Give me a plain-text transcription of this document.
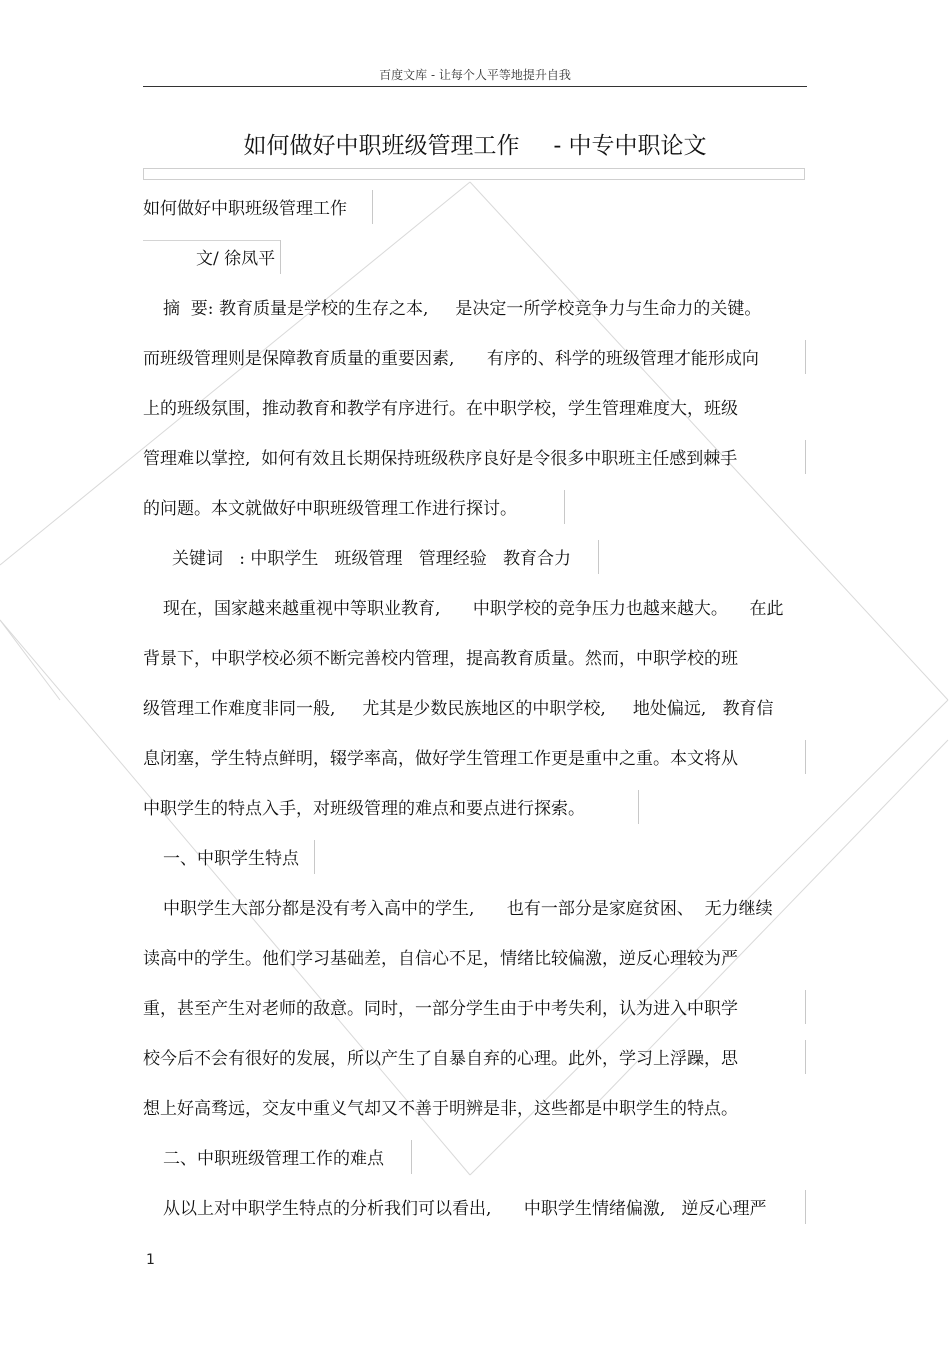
百度文库 - 让每个人平等地提升自我
如何做好中职班级管理工作 - 中专中职论文
如何做好中职班级管理工作
文/ 徐凤平
摘  要: 教育质量是学校的生存之本,     是决定一所学校竞争力与生命力的关键。
而班级管理则是保障教育质量的重要因素,      有序的、科学的班级管理才能形成向
上的班级氛围，推动教育和教学有序进行。在中职学校，学生管理难度大，班级
管理难以掌控,  如何有效且长期保持班级秩序良好是令很多中职班主任感到棘手
的问题。本文就做好中职班级管理工作进行探讨。
关键词   : 中职学生   班级管理   管理经验   教育合力
现在，国家越来越重视中等职业教育,      中职学校的竞争压力也越来越大。    在此
背景下，中职学校必须不断完善校内管理，提高教育质量。然而，中职学校的班
级管理工作难度非同一般,     尤其是少数民族地区的中职学校,     地处偏远,   教育信
息闭塞，学生特点鲜明，辍学率高，做好学生管理工作更是重中之重。本文将从
中职学生的特点入手，对班级管理的难点和要点进行探索。
一、中职学生特点
中职学生大部分都是没有考入高中的学生,      也有一部分是家庭贫困、  无力继续
读高中的学生。他们学习基础差，自信心不足，情绪比较偏激，逆反心理较为严
重，甚至产生对老师的敌意。同时，一部分学生由于中考失利，认为进入中职学
校今后不会有很好的发展，所以产生了自暴自弃的心理。此外，学习上浮躁，思
想上好高骛远，交友中重义气却又不善于明辨是非，这些都是中职学生的特点。
二、中职班级管理工作的难点
从以上对中职学生特点的分析我们可以看出,      中职学生情绪偏激,   逆反心理严
1
